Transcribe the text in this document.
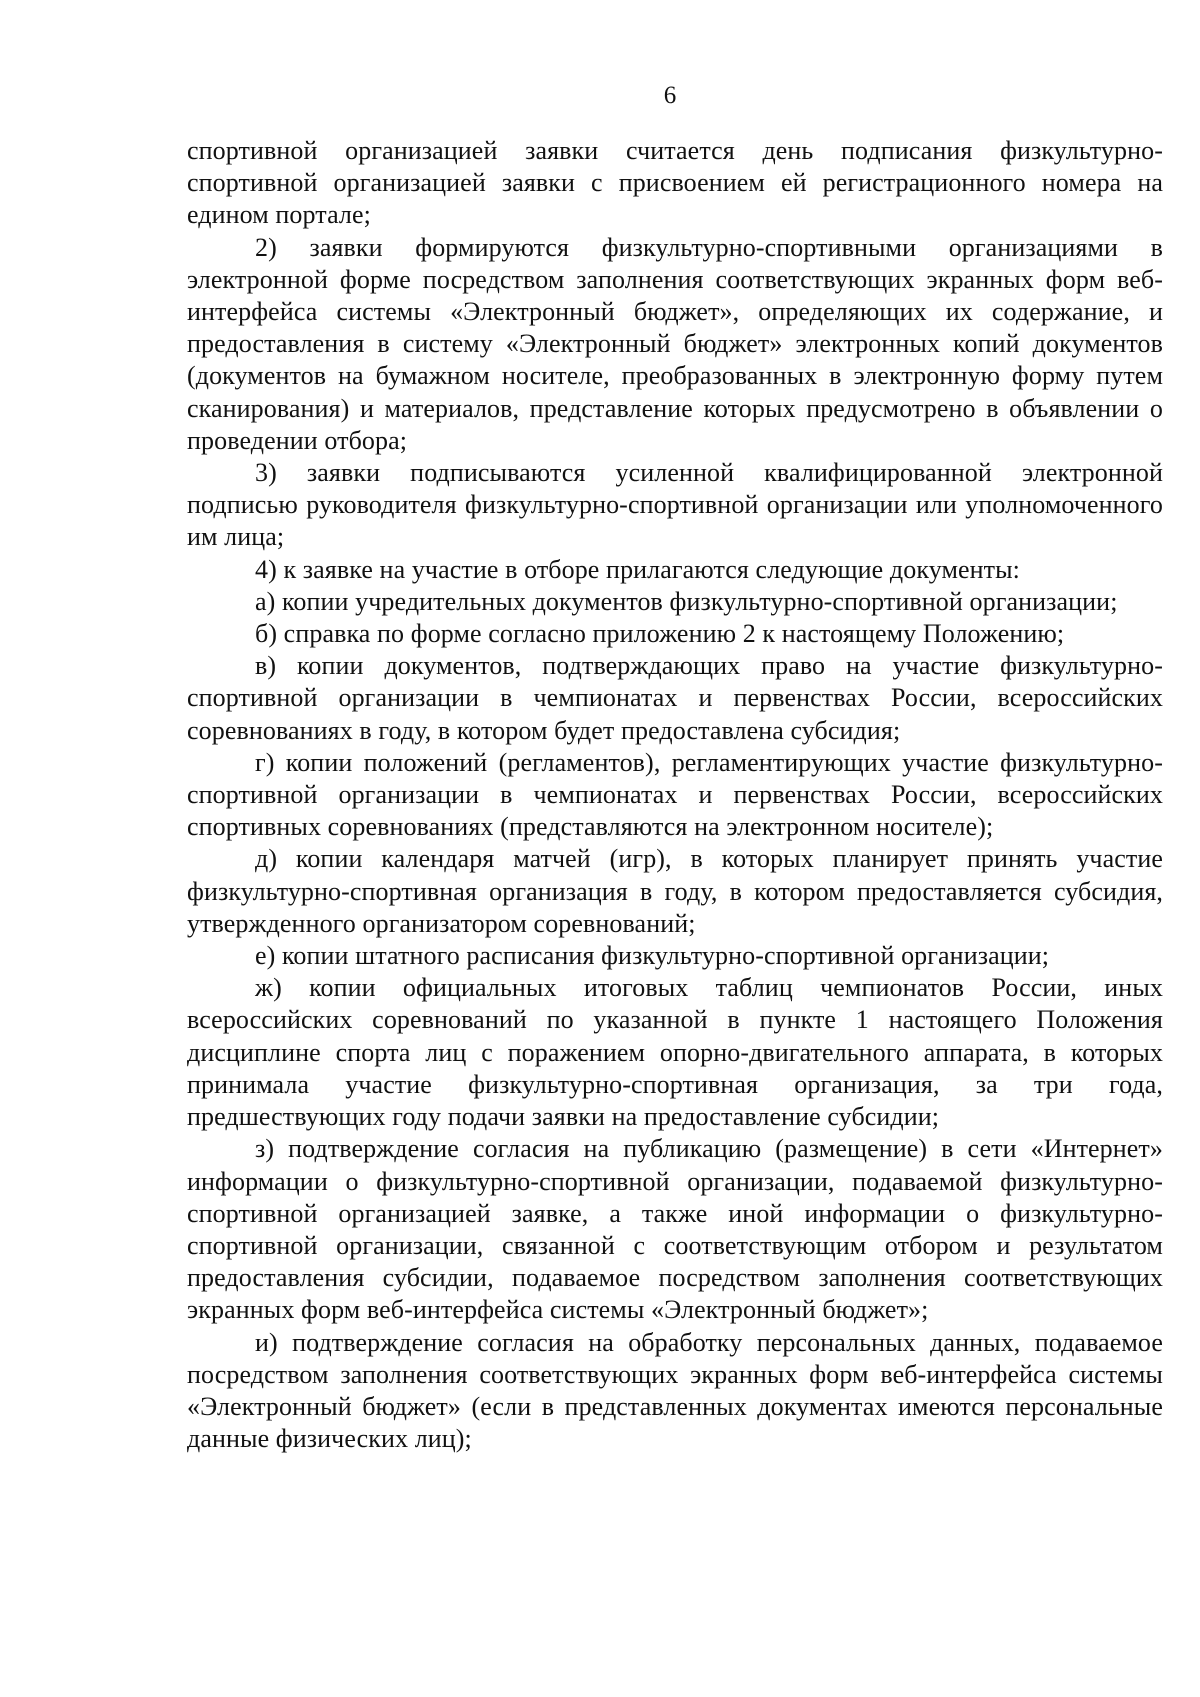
6

спортивной организацией заявки считается день подписания физкультурно-спортивной организацией заявки с присвоением ей регистрационного номера на едином портале;

2) заявки формируются физкультурно-спортивными организациями в электронной форме посредством заполнения соответствующих экранных форм веб-интерфейса системы «Электронный бюджет», определяющих их содержание, и предоставления в систему «Электронный бюджет» электронных копий документов (документов на бумажном носителе, преобразованных в электронную форму путем сканирования) и материалов, представление которых предусмотрено в объявлении о проведении отбора;

3) заявки подписываются усиленной квалифицированной электронной подписью руководителя физкультурно-спортивной организации или уполномоченного им лица;

4) к заявке на участие в отборе прилагаются следующие документы:

а) копии учредительных документов физкультурно-спортивной организации;

б) справка по форме согласно приложению 2 к настоящему Положению;

в) копии документов, подтверждающих право на участие физкультурно-спортивной организации в чемпионатах и первенствах России, всероссийских соревнованиях в году, в котором будет предоставлена субсидия;

г) копии положений (регламентов), регламентирующих участие физкультурно-спортивной организации в чемпионатах и первенствах России, всероссийских спортивных соревнованиях (представляются на электронном носителе);

д) копии календаря матчей (игр), в которых планирует принять участие физкультурно-спортивная организация в году, в котором предоставляется субсидия, утвержденного организатором соревнований;

е) копии штатного расписания физкультурно-спортивной организации;

ж) копии официальных итоговых таблиц чемпионатов России, иных всероссийских соревнований по указанной в пункте 1 настоящего Положения дисциплине спорта лиц с поражением опорно-двигательного аппарата, в которых принимала участие физкультурно-спортивная организация, за три года, предшествующих году подачи заявки на предоставление субсидии;

з) подтверждение согласия на публикацию (размещение) в сети «Интернет» информации о физкультурно-спортивной организации, подаваемой физкультурно-спортивной организацией заявке, а также иной информации о физкультурно-спортивной организации, связанной с соответствующим отбором и результатом предоставления субсидии, подаваемое посредством заполнения соответствующих экранных форм веб-интерфейса системы «Электронный бюджет»;

и) подтверждение согласия на обработку персональных данных, подаваемое посредством заполнения соответствующих экранных форм веб-интерфейса системы «Электронный бюджет» (если в представленных документах имеются персональные данные физических лиц);
